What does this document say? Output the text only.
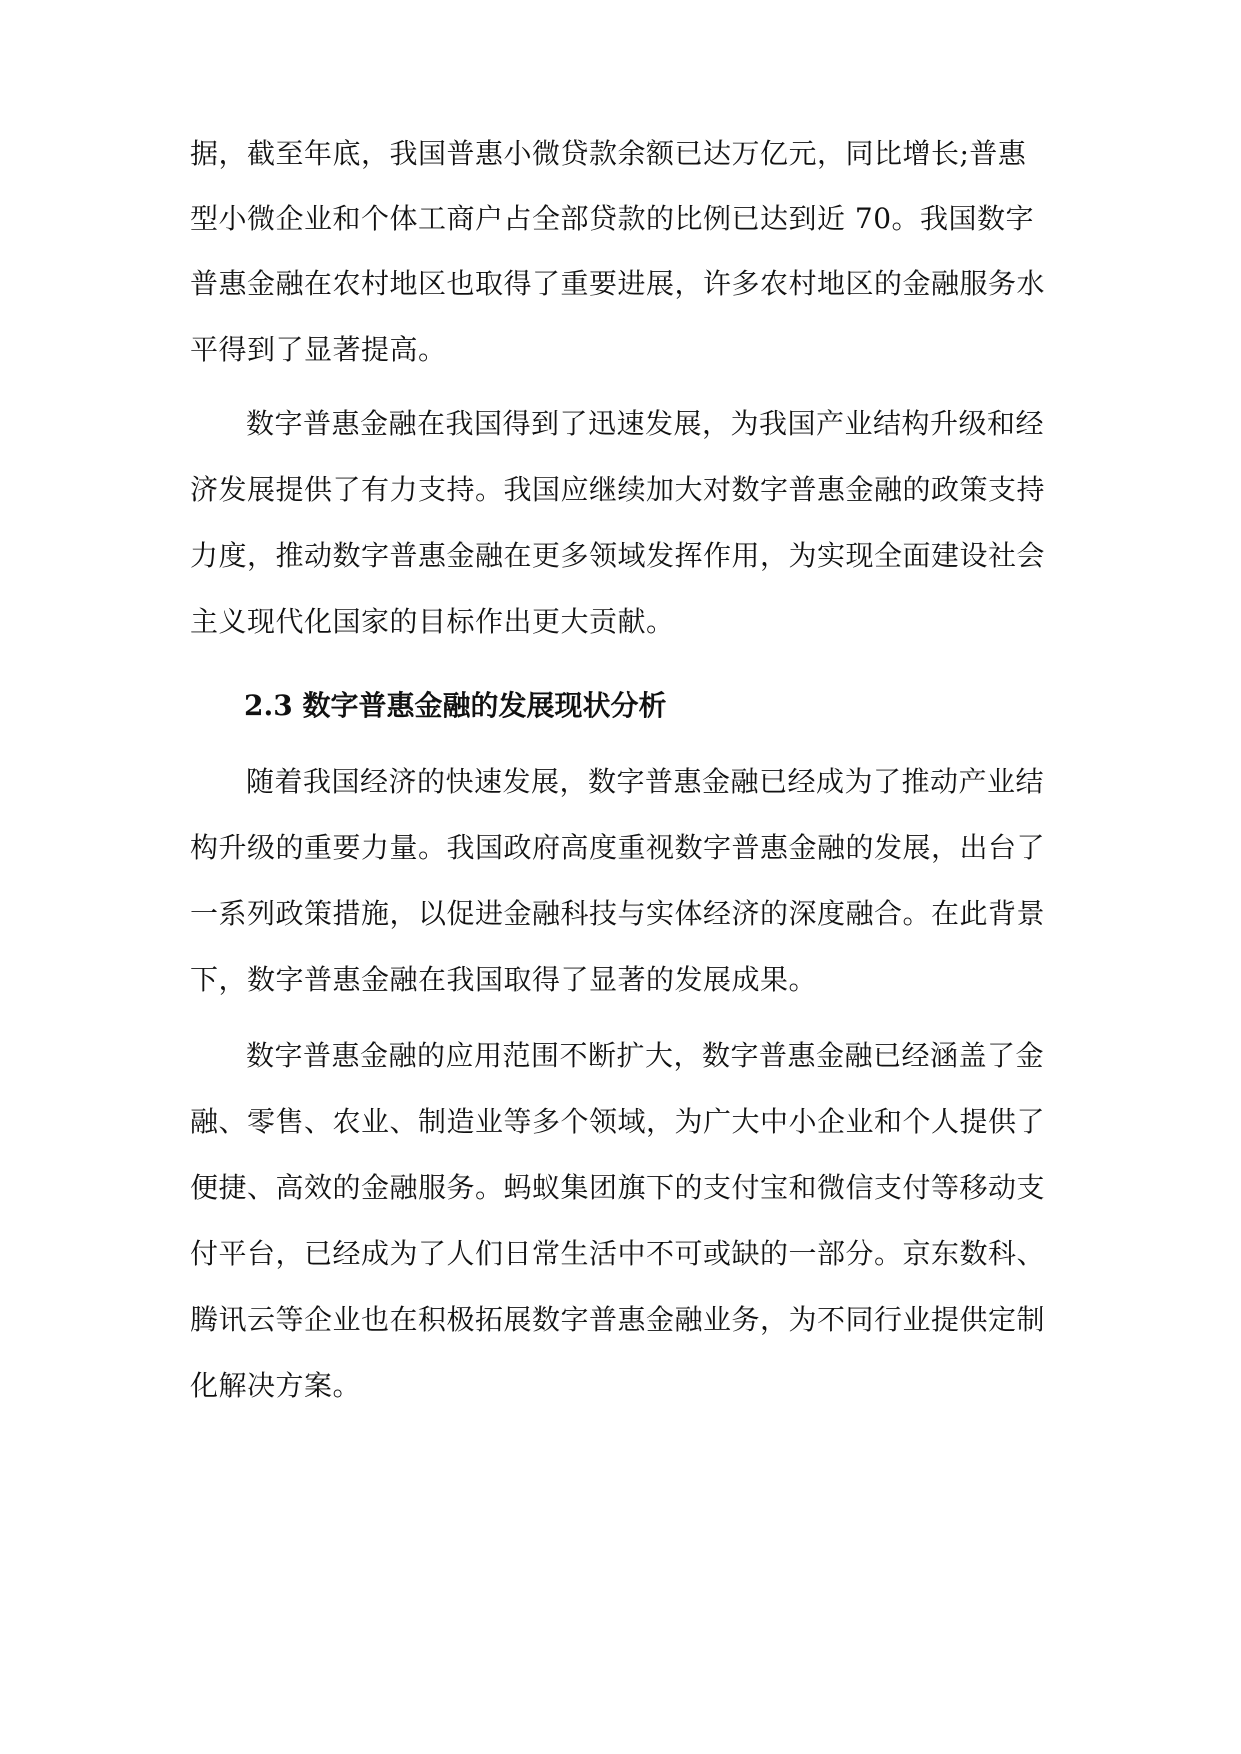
据，截至年底，我国普惠小微贷款余额已达万亿元，同比增长;普惠
型小微企业和个体工商户占全部贷款的比例已达到近 70。我国数字
普惠金融在农村地区也取得了重要进展，许多农村地区的金融服务水
平得到了显著提高。
数字普惠金融在我国得到了迅速发展，为我国产业结构升级和经
济发展提供了有力支持。我国应继续加大对数字普惠金融的政策支持
力度，推动数字普惠金融在更多领域发挥作用，为实现全面建设社会
主义现代化国家的目标作出更大贡献。
2.3 数字普惠金融的发展现状分析
随着我国经济的快速发展，数字普惠金融已经成为了推动产业结
构升级的重要力量。我国政府高度重视数字普惠金融的发展，出台了
一系列政策措施，以促进金融科技与实体经济的深度融合。在此背景
下，数字普惠金融在我国取得了显著的发展成果。
数字普惠金融的应用范围不断扩大，数字普惠金融已经涵盖了金
融、零售、农业、制造业等多个领域，为广大中小企业和个人提供了
便捷、高效的金融服务。蚂蚁集团旗下的支付宝和微信支付等移动支
付平台，已经成为了人们日常生活中不可或缺的一部分。京东数科、
腾讯云等企业也在积极拓展数字普惠金融业务，为不同行业提供定制
化解决方案。
